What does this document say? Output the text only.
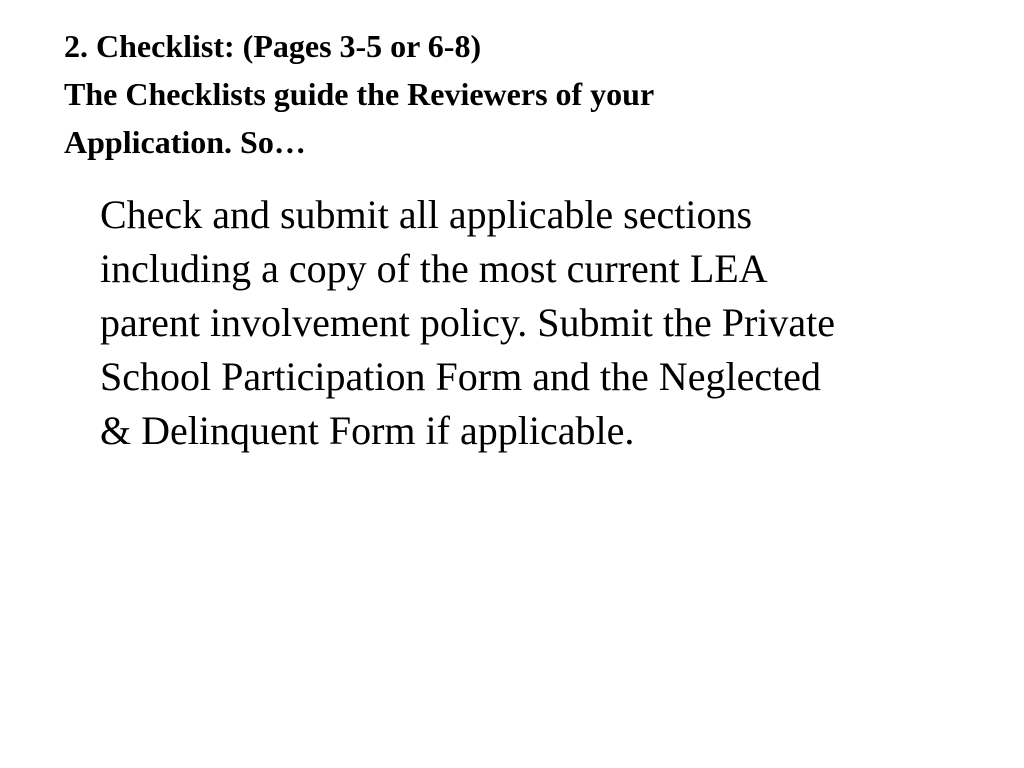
2. Checklist: (Pages 3-5 or 6-8)
The Checklists guide the Reviewers of your
Application. So…

Check and submit all applicable sections
including a copy of the most current LEA
parent involvement policy. Submit the Private
School Participation Form and the Neglected
& Delinquent Form if applicable.
